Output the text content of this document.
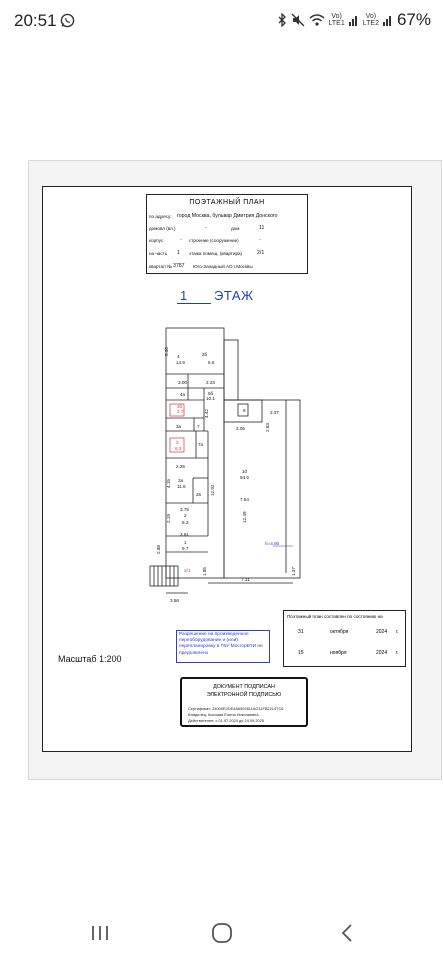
20:51	Vo)
LTE1
Vo)
LTE2 67%
ПОЭТАЖНЫЙ ПЛАН
по адресу: город Москва, бульвар Дмитрия Донского
домовл (вл.)	-	дом	11
корпус	- строение (сооружение)	-
на часть 1 этажа помещ. (квартира)	2/1
квартал № 3787 Юго-Западный АО г.Москвы
1 ЭТАЖ
4
14.9
5.30	2б
5.6
3.00	2.23
4а	5б
10.1
3б
2.7	6	2.37
3.05
3а	7
3
6.3
7а
10
94.6
2.25
2а
11.6
7.54
2в 12.92
3.75
2
8.2	12.49
3.61
1
9.7
h=4.90
2/1
7.31
3.56
4.42
2.83
4.15
2.19
2.88
1.85	1.37
Поэтажный план составлен по состоянию на
31	октября	2024 г.
15	ноября	2024 г.
Разрешение на произведенное переоборудование и (или) перепланировку в ГБУ МосгорБТИ не предъявлено
Масштаб 1:200
ДОКУМЕНТ ПОДПИСАН
ЭЛЕКТРОННОЙ ПОДПИСЬЮ
Сертификат: 24000E0DE4A6502811AG11FB2214TC6
Владелец: Кислова Елена Николаевна
Действителен: с 01.07.2024 до 24.09.2025
